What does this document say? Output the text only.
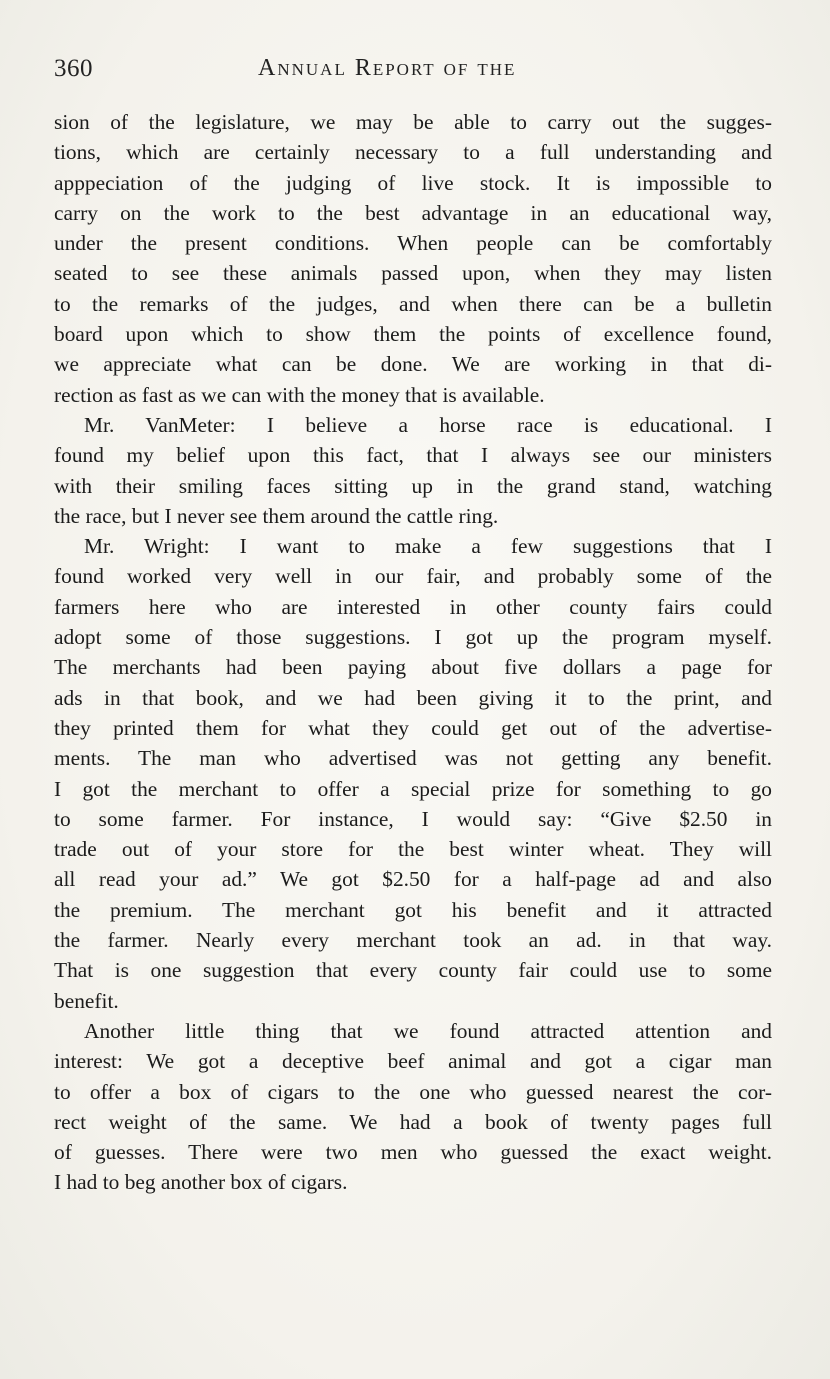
360	Annual Report of the
sion of the legislature, we may be able to carry out the sugges-
tions, which are certainly necessary to a full understanding and
apppeciation of the judging of live stock. It is impossible to
carry on the work to the best advantage in an educational way,
under the present conditions. When people can be comfortably
seated to see these animals passed upon, when they may listen
to the remarks of the judges, and when there can be a bulletin
board upon which to show them the points of excellence found,
we appreciate what can be done. We are working in that di-
rection as fast as we can with the money that is available.
Mr. VanMeter: I believe a horse race is educational. I
found my belief upon this fact, that I always see our ministers
with their smiling faces sitting up in the grand stand, watching
the race, but I never see them around the cattle ring.
Mr. Wright: I want to make a few suggestions that I
found worked very well in our fair, and probably some of the
farmers here who are interested in other county fairs could
adopt some of those suggestions. I got up the program myself.
The merchants had been paying about five dollars a page for
ads in that book, and we had been giving it to the print, and
they printed them for what they could get out of the advertise-
ments. The man who advertised was not getting any benefit.
I got the merchant to offer a special prize for something to go
to some farmer. For instance, I would say: “Give $2.50 in
trade out of your store for the best winter wheat. They will
all read your ad.” We got $2.50 for a half-page ad and also
the premium. The merchant got his benefit and it attracted
the farmer. Nearly every merchant took an ad. in that way.
That is one suggestion that every county fair could use to some
benefit.
Another little thing that we found attracted attention and
interest: We got a deceptive beef animal and got a cigar man
to offer a box of cigars to the one who guessed nearest the cor-
rect weight of the same. We had a book of twenty pages full
of guesses. There were two men who guessed the exact weight.
I had to beg another box of cigars.
